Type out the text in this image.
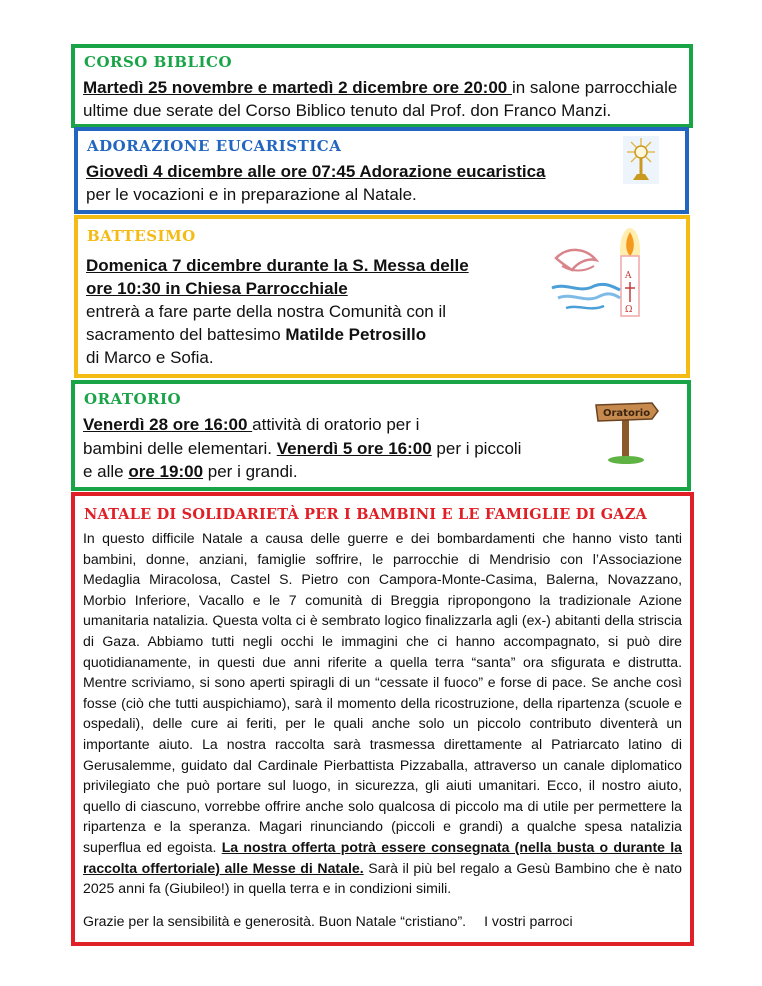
CORSO BIBLICO
Martedì 25 novembre e martedì 2 dicembre ore 20:00 in salone parrocchiale
ultime due serate del Corso Biblico tenuto dal Prof. don Franco Manzi.
ADORAZIONE EUCARISTICA
Giovedì 4 dicembre alle ore 07:45 Adorazione eucaristica
per le vocazioni e in preparazione al Natale.
BATTESIMO
Domenica 7 dicembre durante la S. Messa delle
ore 10:30 in Chiesa Parrocchiale
entrerà a fare parte della nostra Comunità con il
sacramento del battesimo Matilde Petrosillo
di Marco e Sofia.
A
Ω
ORATORIO
Venerdì 28 ore 16:00 attività di oratorio per i
bambini delle elementari. Venerdì 5 ore 16:00 per i piccoli
e alle ore 19:00 per i grandi.
Oratorio
NATALE DI SOLIDARIETÀ PER I BAMBINI E LE FAMIGLIE DI GAZA
In questo difficile Natale a causa delle guerre e dei bombardamenti che hanno visto tanti bambini, donne, anziani, famiglie soffrire, le parrocchie di Mendrisio con l’Associazione Medaglia Miracolosa, Castel S. Pietro con Campora-Monte-Casima, Balerna, Novazzano, Morbio Inferiore, Vacallo e le 7 comunità di Breggia ripropongono la tradizionale Azione umanitaria natalizia. Questa volta ci è sembrato logico finalizzarla agli (ex-) abitanti della striscia di Gaza. Abbiamo tutti negli occhi le immagini che ci hanno accompagnato, si può dire quotidianamente, in questi due anni riferite a quella terra “santa” ora sfigurata e distrutta. Mentre scriviamo, si sono aperti spiragli di un “cessate il fuoco” e forse di pace. Se anche così fosse (ciò che tutti auspichiamo), sarà il momento della ricostruzione, della ripartenza (scuole e ospedali), delle cure ai feriti, per le quali anche solo un piccolo contributo diventerà un importante aiuto. La nostra raccolta sarà trasmessa direttamente al Patriarcato latino di Gerusalemme, guidato dal Cardinale Pierbattista Pizzaballa, attraverso un canale diplomatico privilegiato che può portare sul luogo, in sicurezza, gli aiuti umanitari. Ecco, il nostro aiuto, quello di ciascuno, vorrebbe offrire anche solo qualcosa di piccolo ma di utile per permettere la ripartenza e la speranza. Magari rinunciando (piccoli e grandi) a qualche spesa natalizia superflua ed egoista. La nostra offerta potrà essere consegnata (nella busta o durante la raccolta offertoriale) alle Messe di Natale. Sarà il più bel regalo a Gesù Bambino che è nato 2025 anni fa (Giubileo!) in quella terra e in condizioni simili.
Grazie per la sensibilità e generosità. Buon Natale “cristiano”. I vostri parroci
